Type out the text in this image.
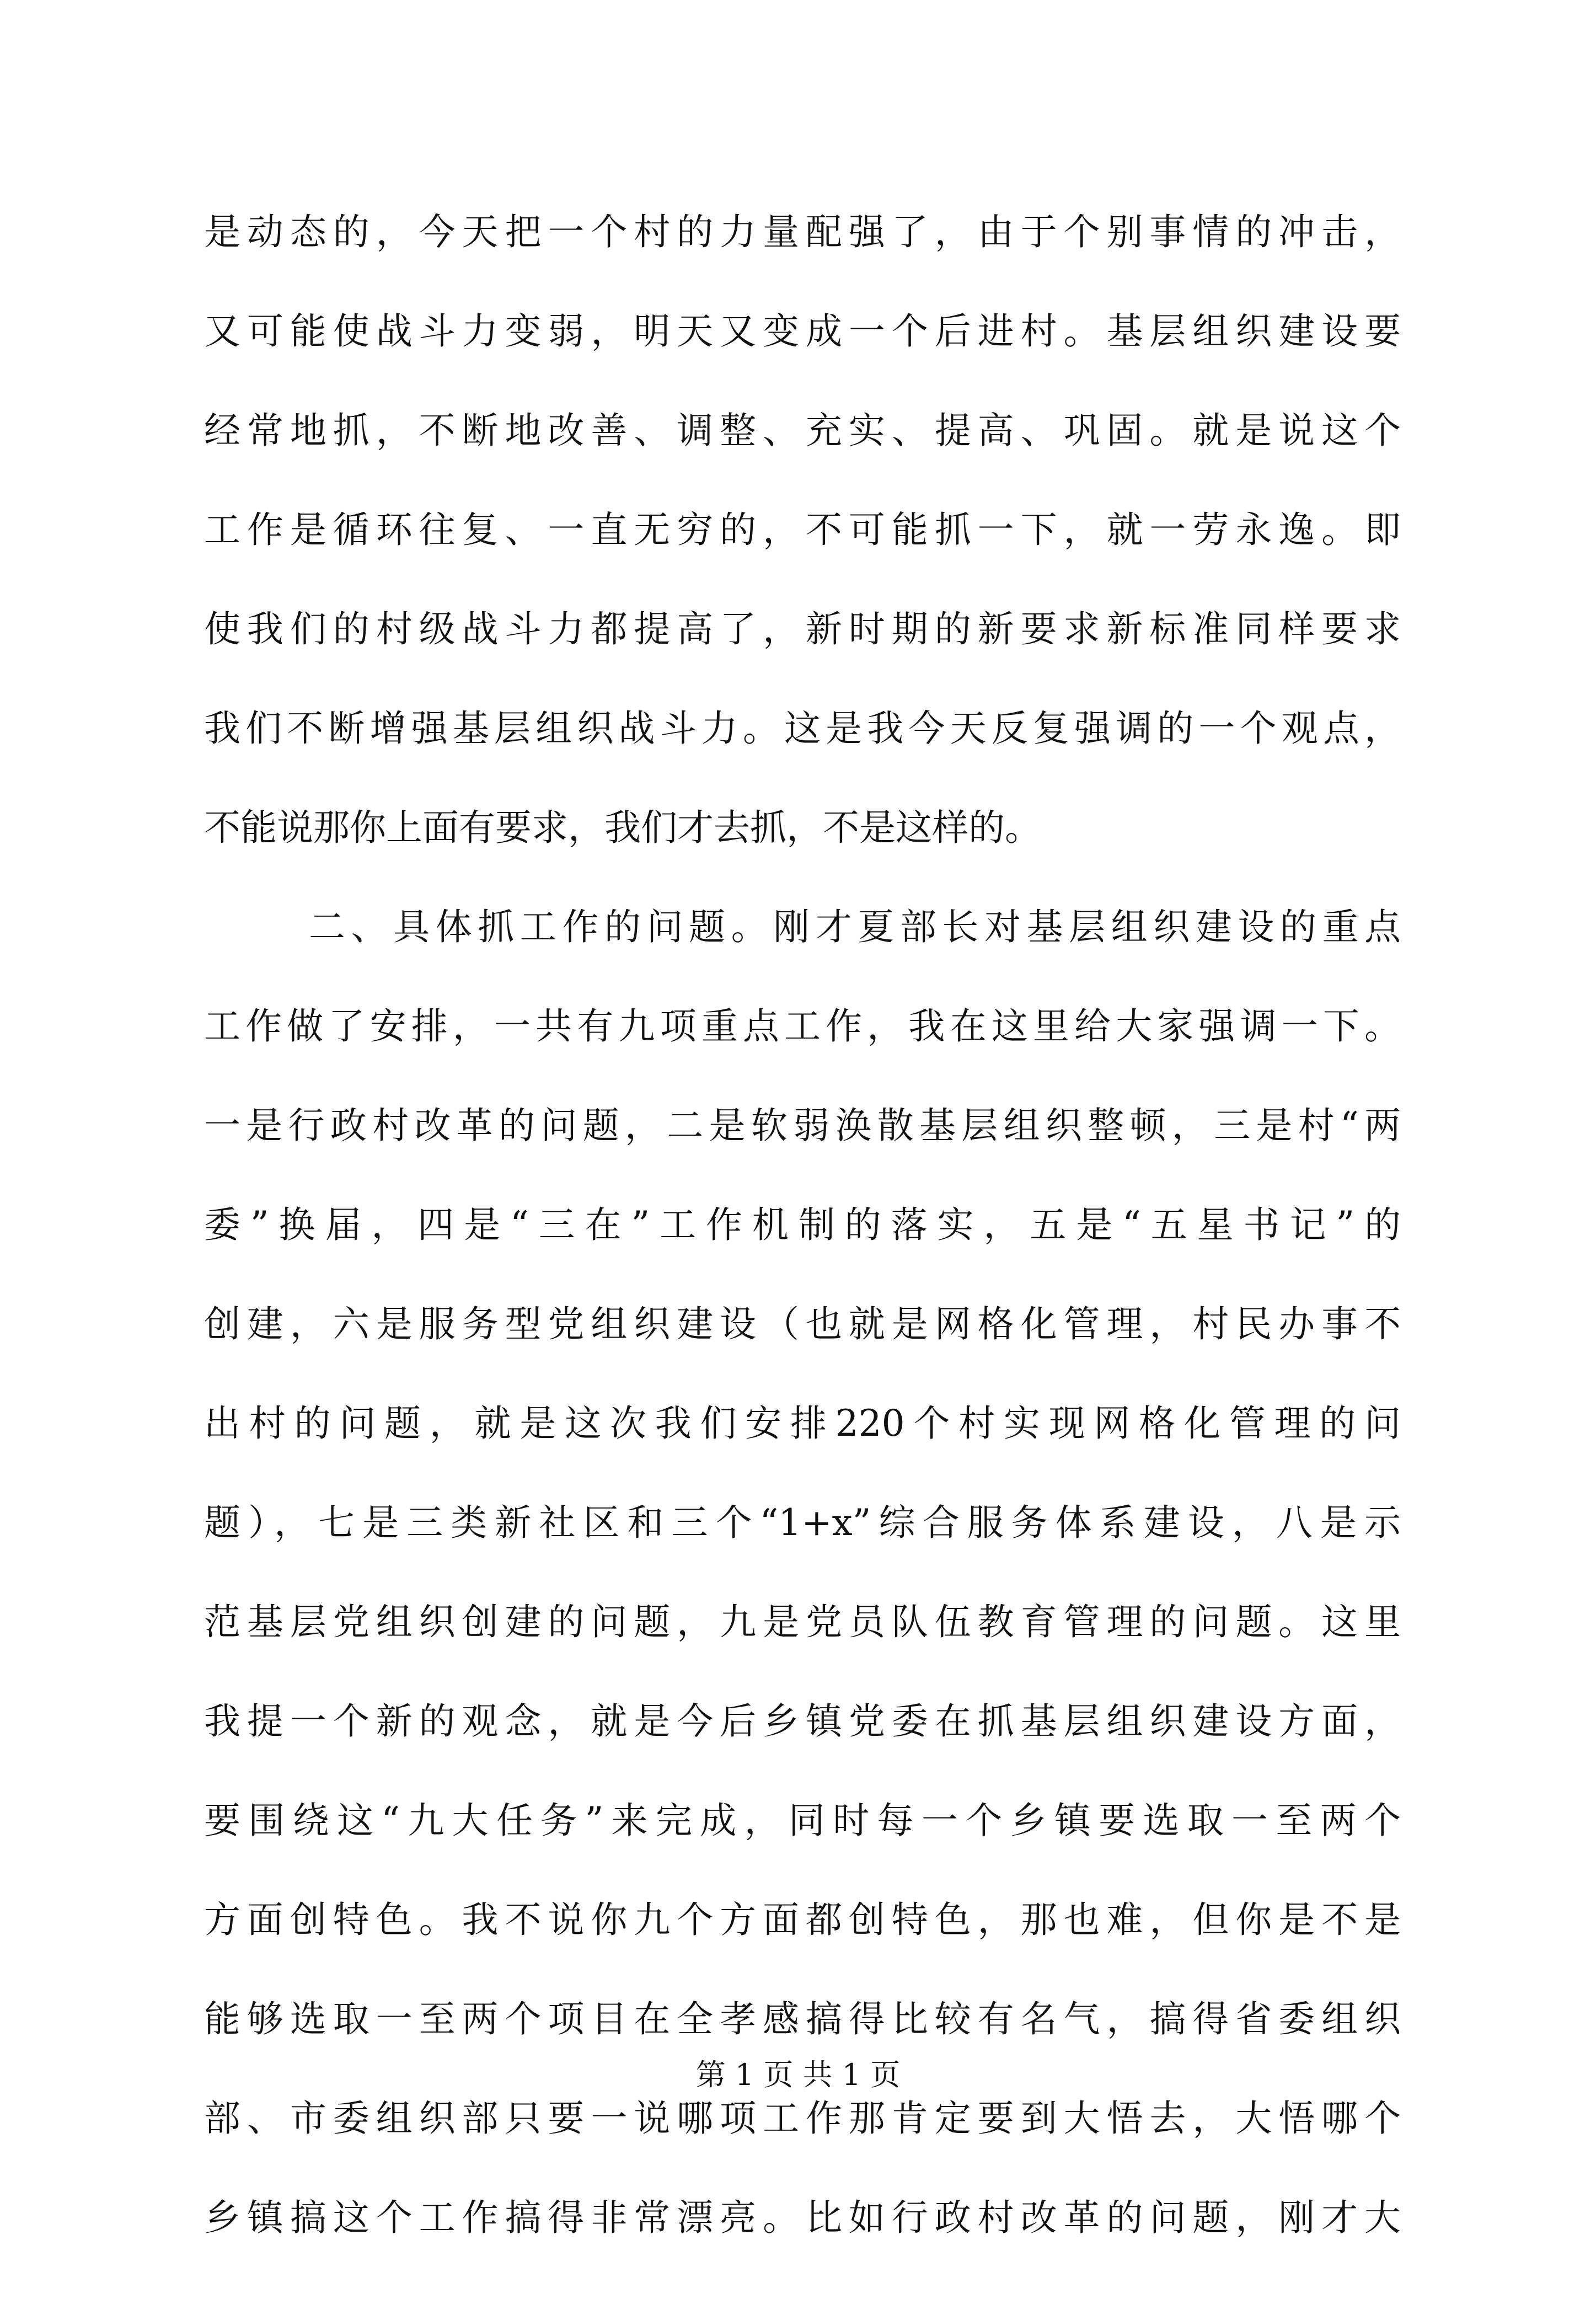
是动态的，今天把一个村的力量配强了，由于个别事情的冲击，
又可能使战斗力变弱，明天又变成一个后进村。基层组织建设要
经常地抓，不断地改善、调整、充实、提高、巩固。就是说这个
工作是循环往复、一直无穷的，不可能抓一下，就一劳永逸。即
使我们的村级战斗力都提高了，新时期的新要求新标准同样要求
我们不断增强基层组织战斗力。这是我今天反复强调的一个观点，
不能说那你上面有要求，我们才去抓，不是这样的。
二、具体抓工作的问题。刚才夏部长对基层组织建设的重点
工作做了安排，一共有九项重点工作，我在这里给大家强调一下。
一是行政村改革的问题，二是软弱涣散基层组织整顿，三是村“两
委”换届，四是“三在”工作机制的落实，五是“五星书记”的
创建，六是服务型党组织建设（也就是网格化管理，村民办事不
出村的问题，就是这次我们安排220个村实现网格化管理的问
题），七是三类新社区和三个“1+x”综合服务体系建设，八是示
范基层党组织创建的问题，九是党员队伍教育管理的问题。这里
我提一个新的观念，就是今后乡镇党委在抓基层组织建设方面，
要围绕这“九大任务”来完成，同时每一个乡镇要选取一至两个
方面创特色。我不说你九个方面都创特色，那也难，但你是不是
能够选取一至两个项目在全孝感搞得比较有名气，搞得省委组织
部、市委组织部只要一说哪项工作那肯定要到大悟去，大悟哪个
乡镇搞这个工作搞得非常漂亮。比如行政村改革的问题，刚才大
第 1 页 共 1 页
